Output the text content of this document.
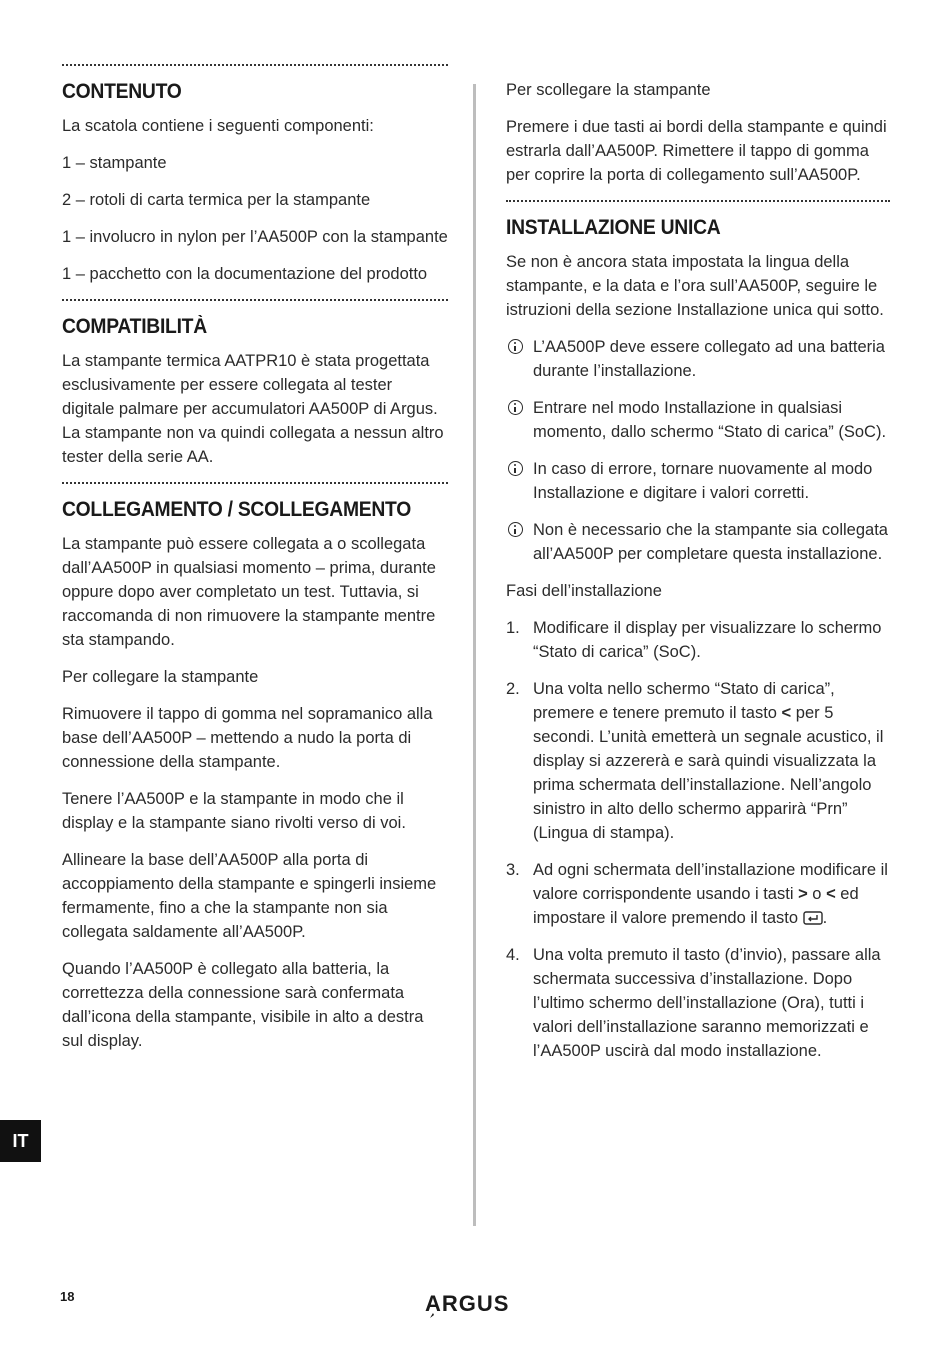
CONTENUTO

La scatola contiene i seguenti componenti:

1 – stampante
2 – rotoli di carta termica per la stampante
1 – involucro in nylon per l’AA500P con la stampante
1 – pacchetto con la documentazione del prodotto
COMPATIBILITÀ

La stampante termica AATPR10 è stata progettata esclusivamente per essere collegata al tester digitale palmare per accumulatori AA500P di Argus. La stampante non va quindi collegata a nessun altro tester della serie AA.

COLLEGAMENTO / SCOLLEGAMENTO

La stampante può essere collegata a o scollegata dall’AA500P in qualsiasi momento – prima, durante oppure dopo aver completato un test. Tuttavia, si raccomanda di non rimuovere la stampante mentre sta stampando.

Per collegare la stampante

Rimuovere il tappo di gomma nel sopramanico alla base dell’AA500P – mettendo a nudo la porta di connessione della stampante.

Tenere l’AA500P e la stampante in modo che il display e la stampante siano rivolti verso di voi.

Allineare la base dell’AA500P alla porta di accoppiamento della stampante e spingerli insieme fermamente, fino a che la stampante non sia collegata saldamente all’AA500P.

Quando l’AA500P è collegato alla batteria, la correttezza della connessione sarà confermata dall’icona della stampante, visibile in alto a destra sul display.

Per scollegare la stampante

Premere i due tasti ai bordi della stampante e quindi estrarla dall’AA500P. Rimettere il tappo di gomma per coprire la porta di collegamento sull’AA500P.

INSTALLAZIONE UNICA

Se non è ancora stata impostata la lingua della stampante, e la data e l’ora sull’AA500P, seguire le istruzioni della sezione Installazione unica qui sotto.

L’AA500P deve essere collegato ad una batteria durante l’installazione.
Entrare nel modo Installazione in qualsiasi momento, dallo schermo “Stato di carica” (SoC).
In caso di errore, tornare nuovamente al modo Installazione e digitare i valori corretti.
Non è necessario che la stampante sia collegata all’AA500P per completare questa installazione.

Fasi dell’installazione

1. Modificare il display per visualizzare lo schermo “Stato di carica” (SoC).
2. Una volta nello schermo “Stato di carica”, premere e tenere premuto il tasto < per 5 secondi. L’unità emetterà un segnale acustico, il display si azzererà e sarà quindi visualizzata la prima schermata dell’installazione. Nell’angolo sinistro in alto dello schermo apparirà “Prn” (Lingua di stampa).
3. Ad ogni schermata dell’installazione modificare il valore corrispondente usando i tasti > o < ed impostare il valore premendo il tasto .
4. Una volta premuto il tasto (d’invio), passare alla schermata successiva d’installazione. Dopo l’ultimo schermo dell’installazione (Ora), tutti i valori dell’installazione saranno memorizzati e l’AA500P uscirà dal modo installazione.
IT
18	ARGUS
